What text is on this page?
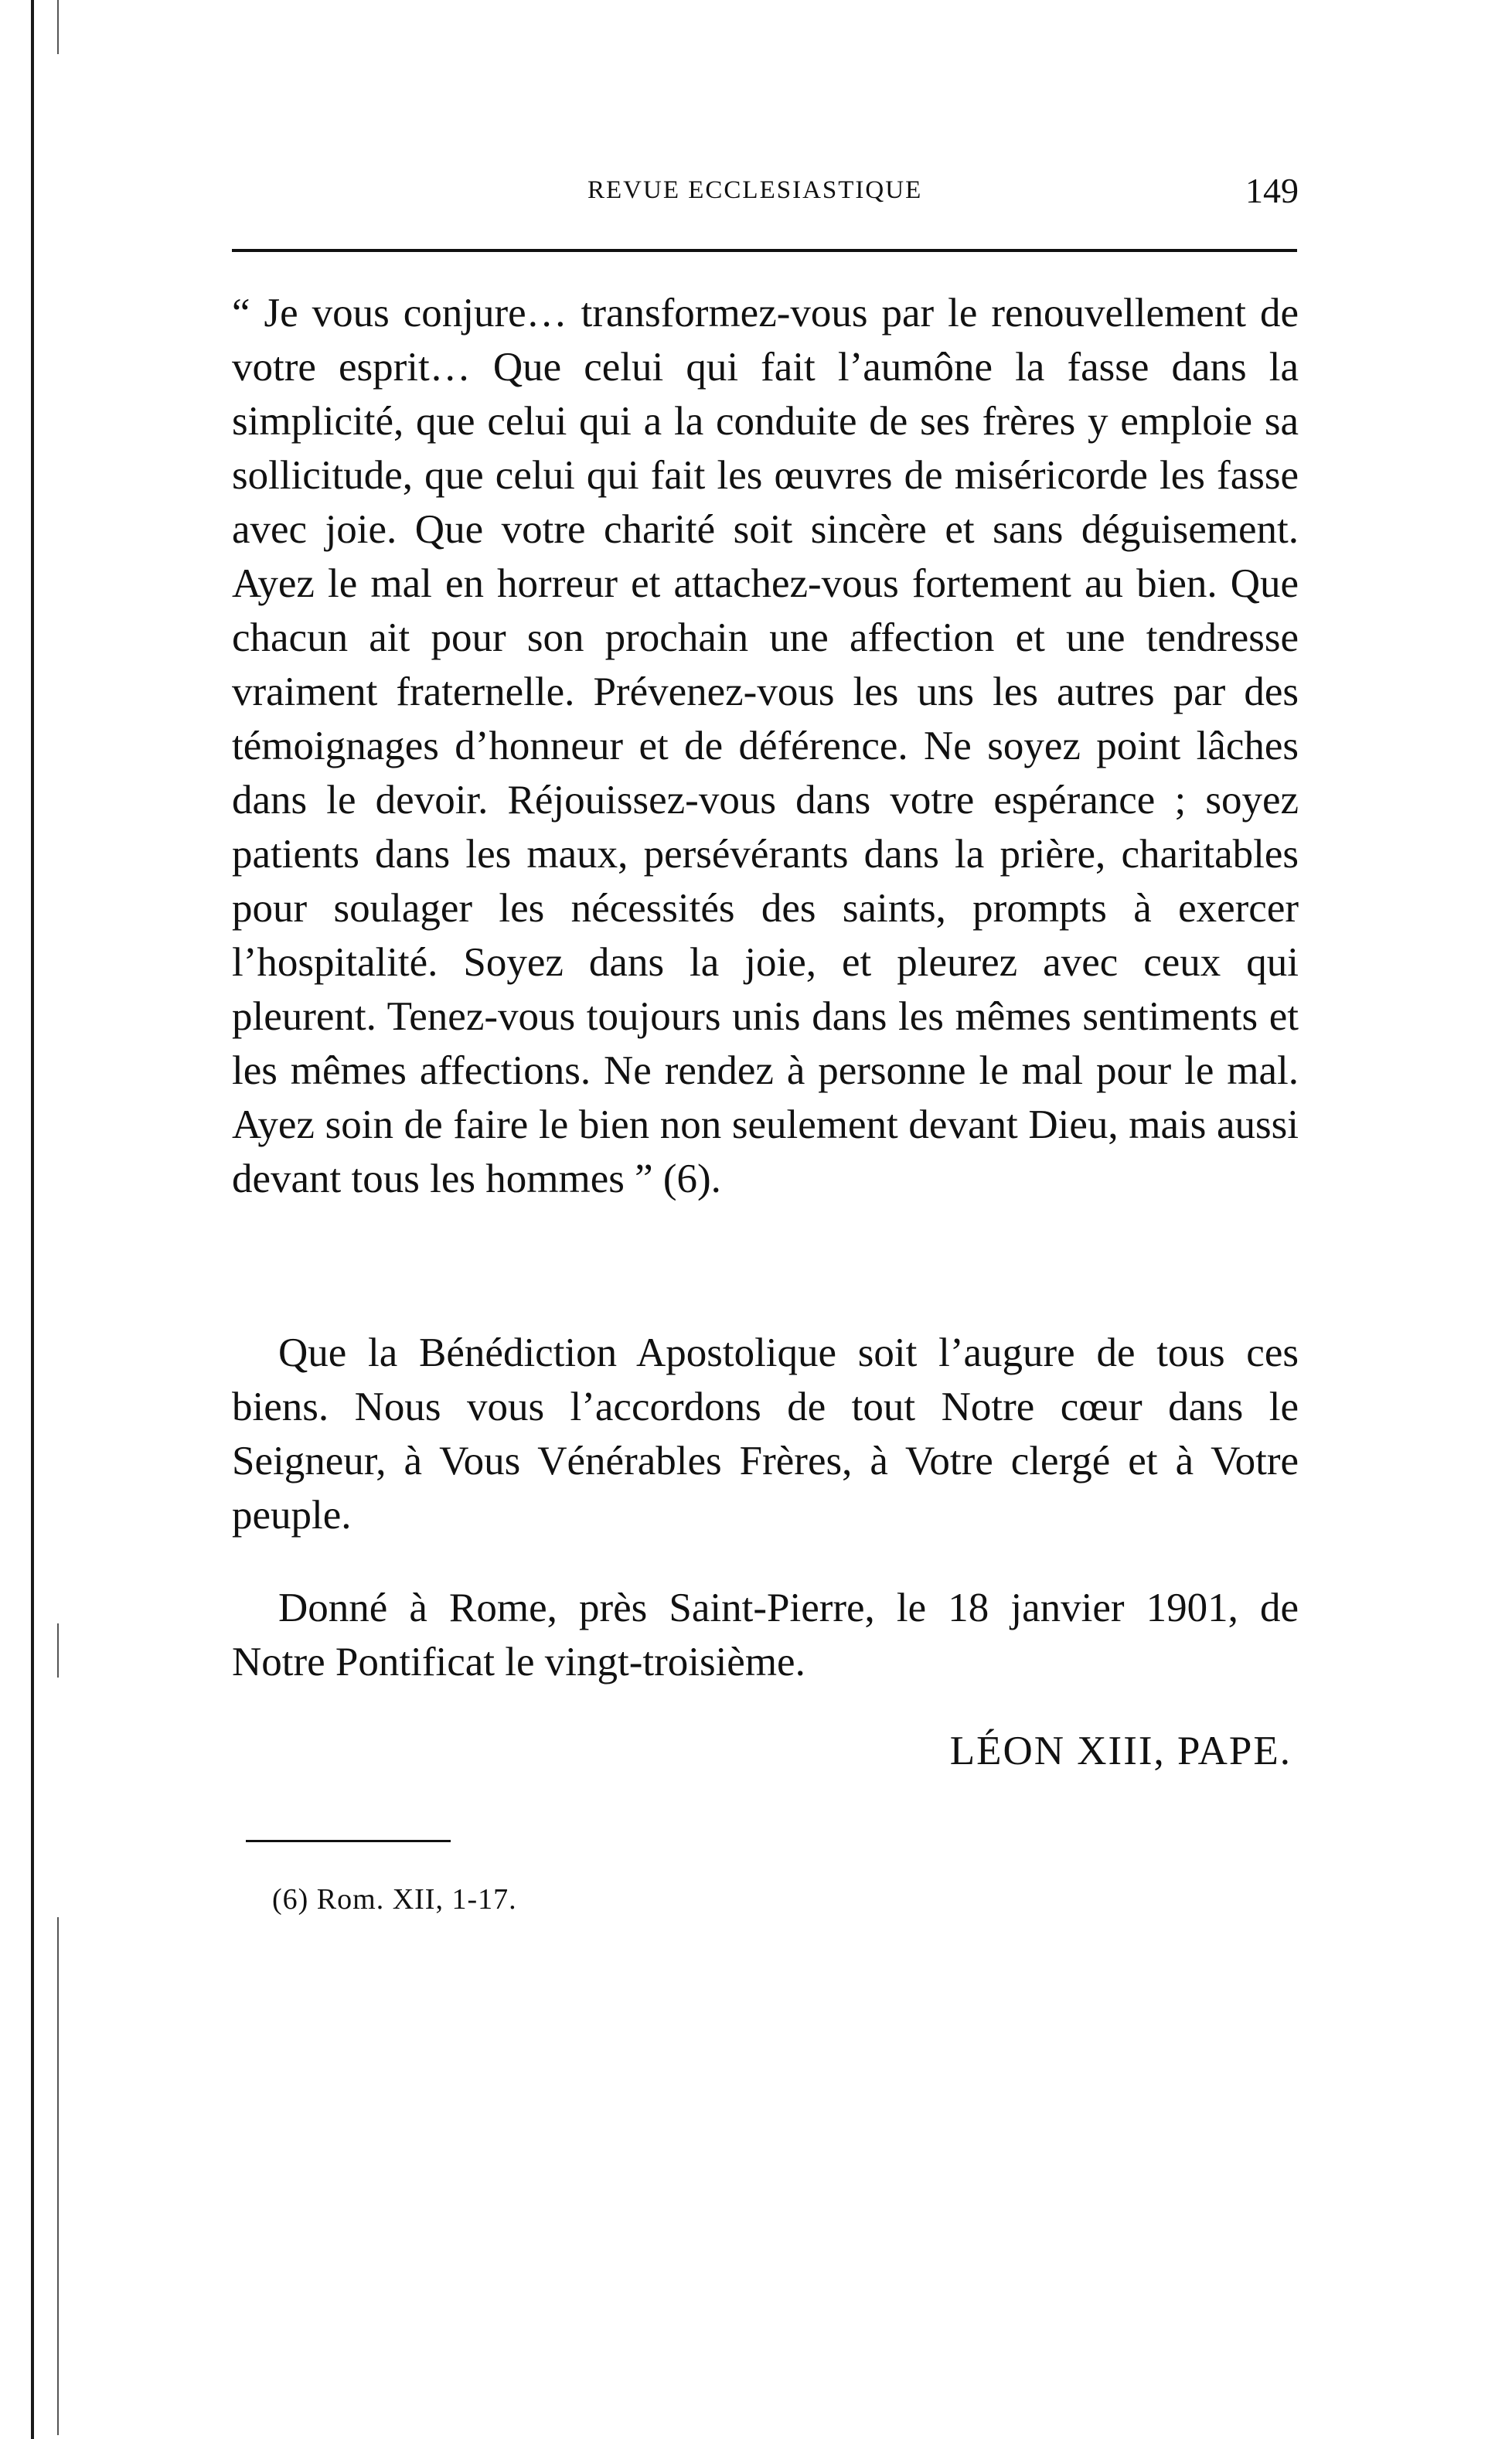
REVUE ECCLESIASTIQUE	149

“ Je vous conjure… transformez-vous par le renouvellement de votre esprit… Que celui qui fait l’aumône la fasse dans la simplicité, que celui qui a la conduite de ses frères y emploie sa sollicitude, que celui qui fait les œuvres de miséricorde les fasse avec joie. Que votre charité soit sincère et sans déguisement. Ayez le mal en horreur et attachez-vous fortement au bien. Que chacun ait pour son prochain une affection et une tendresse vraiment fraternelle. Prévenez-vous les uns les autres par des témoignages d’honneur et de déférence. Ne soyez point lâches dans le devoir. Réjouissez-vous dans votre espérance ; soyez patients dans les maux, persévérants dans la prière, charitables pour soulager les nécessités des saints, prompts à exercer l’hospitalité. Soyez dans la joie, et pleurez avec ceux qui pleurent. Tenez-vous toujours unis dans les mêmes sentiments et les mêmes affections. Ne rendez à personne le mal pour le mal. Ayez soin de faire le bien non seulement devant Dieu, mais aussi devant tous les hommes ” (6).

Que la Bénédiction Apostolique soit l’augure de tous ces biens. Nous vous l’accordons de tout Notre cœur dans le Seigneur, à Vous Vénérables Frères, à Votre clergé et à Votre peuple.

Donné à Rome, près Saint-Pierre, le 18 janvier 1901, de Notre Pontificat le vingt-troisième.

LÉON XIII, PAPE.
(6) Rom. XII, 1-17.
